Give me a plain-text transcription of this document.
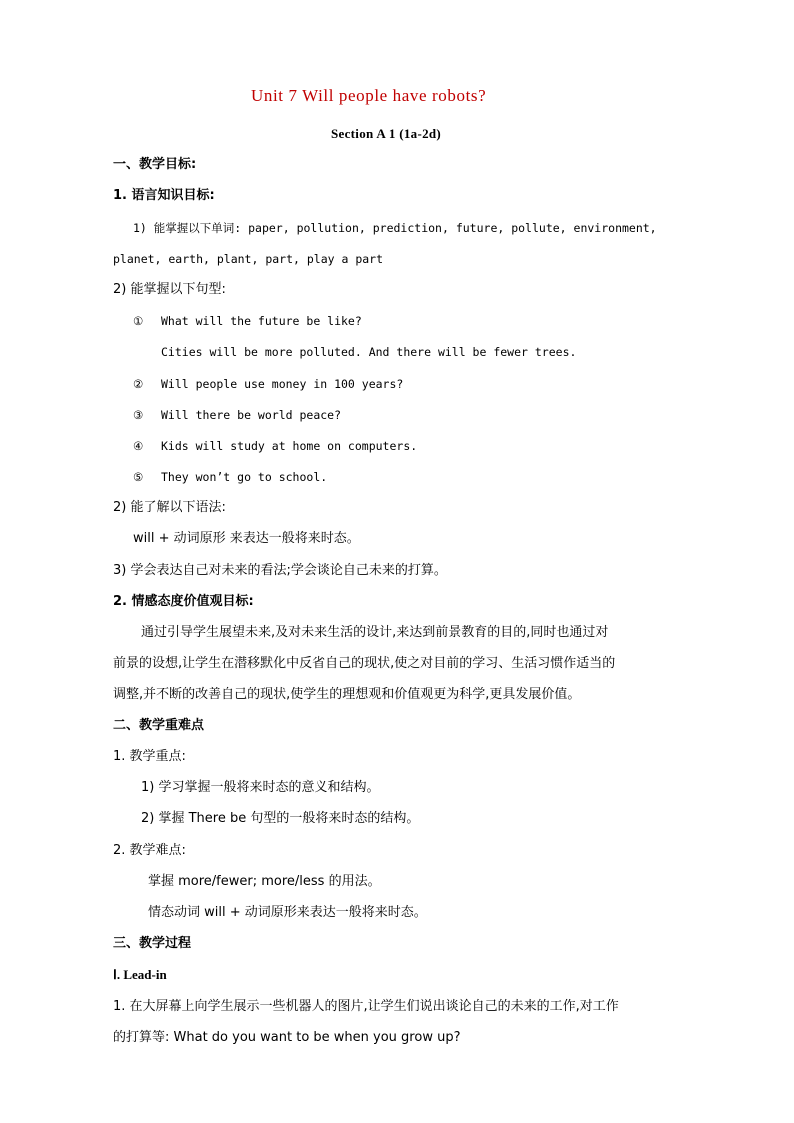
Unit 7 Will people have robots?
Section A 1 (1a-2d)
一、教学目标:
1. 语言知识目标:
1) 能掌握以下单词: paper, pollution, prediction, future, pollute, environment,
planet, earth, plant, part, play a part
2) 能掌握以下句型:
① What will the future be like?
Cities will be more polluted. And there will be fewer trees.
② Will people use money in 100 years?
③ Will there be world peace?
④ Kids will study at home on computers.
⑤ They won’t go to school.
2) 能了解以下语法:
will + 动词原形 来表达一般将来时态。
3) 学会表达自己对未来的看法;学会谈论自己未来的打算。
2. 情感态度价值观目标:
通过引导学生展望未来,及对未来生活的设计,来达到前景教育的目的,同时也通过对
前景的设想,让学生在潜移默化中反省自己的现状,使之对目前的学习、生活习惯作适当的
调整,并不断的改善自己的现状,使学生的理想观和价值观更为科学,更具发展价值。
二、教学重难点
1. 教学重点:
1) 学习掌握一般将来时态的意义和结构。
2) 掌握 There be 句型的一般将来时态的结构。
2. 教学难点:
掌握 more/fewer; more/less 的用法。
情态动词 will + 动词原形来表达一般将来时态。
三、教学过程
Ⅰ. Lead-in
1. 在大屏幕上向学生展示一些机器人的图片,让学生们说出谈论自己的未来的工作,对工作
的打算等: What do you want to be when you grow up?
